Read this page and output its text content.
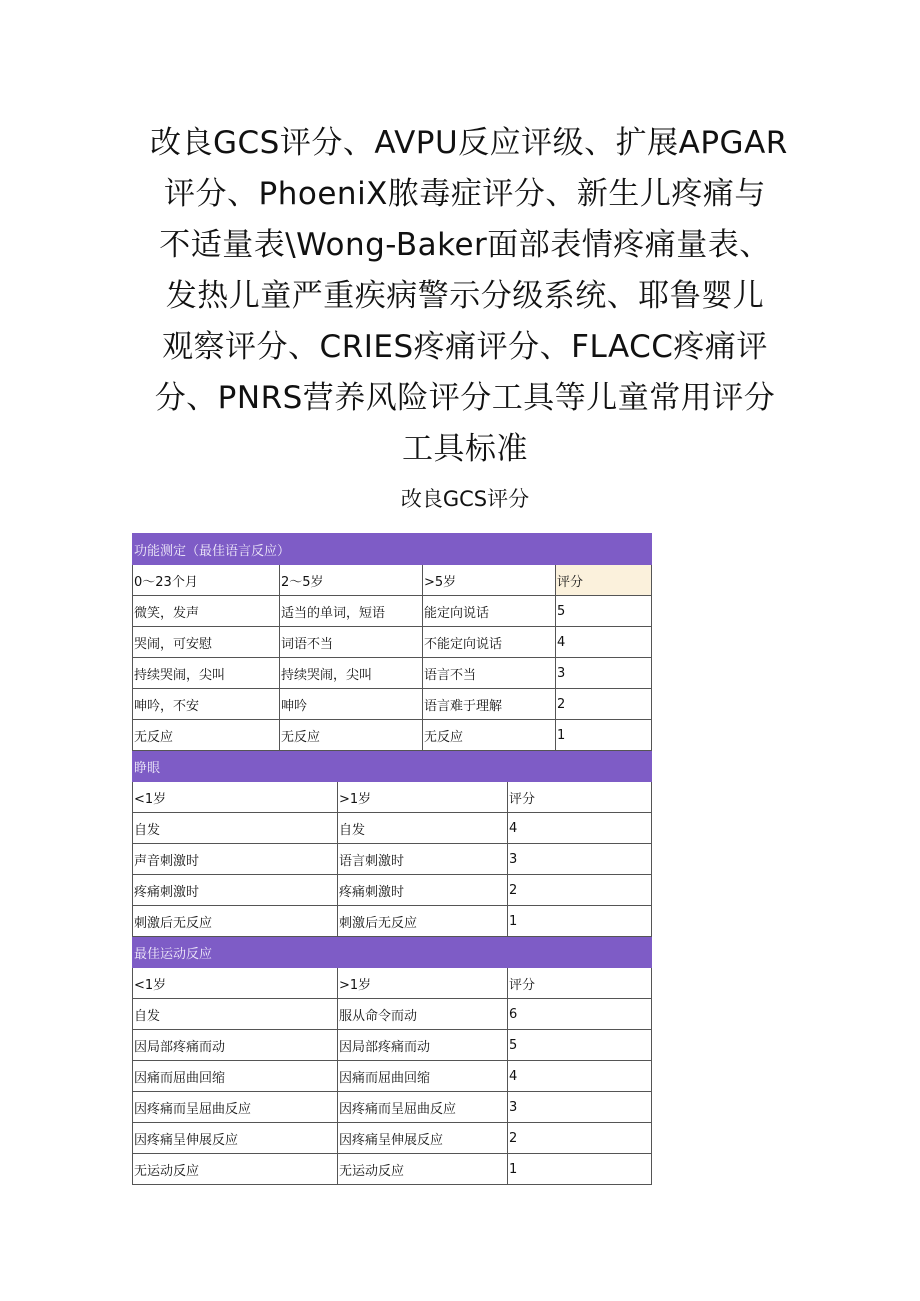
改良GCS评分、AVPU反应评级、扩展APGAR
评分、PhoeniX脓毒症评分、新生儿疼痛与
不适量表\Wong-Baker面部表情疼痛量表、
发热儿童严重疾病警示分级系统、耶鲁婴儿
观察评分、CRIES疼痛评分、FLACC疼痛评
分、PNRS营养风险评分工具等儿童常用评分
工具标准
改良GCS评分
功能测定（最佳语言反应）					
0～23个月	2～5岁		>5岁		评分
微笑，发声	适当的单词，短语		能定向说话		5
哭闹，可安慰	词语不当		不能定向说话		4
持续哭闹，尖叫	持续哭闹，尖叫		语言不当		3
呻吟，不安	呻吟		语言难于理解		2
无反应	无反应		无反应		1
睁眼					
<1岁		>1岁		评分	
自发		自发		4	
声音刺激时		语言刺激时		3	
疼痛刺激时		疼痛刺激时		2	
刺激后无反应		刺激后无反应		1	
最佳运动反应					
<1岁		>1岁		评分	
自发		服从命令而动		6	
因局部疼痛而动		因局部疼痛而动		5	
因痛而屈曲回缩		因痛而屈曲回缩		4	
因疼痛而呈屈曲反应		因疼痛而呈屈曲反应		3	
因疼痛呈伸展反应		因疼痛呈伸展反应		2	
无运动反应		无运动反应		1	
